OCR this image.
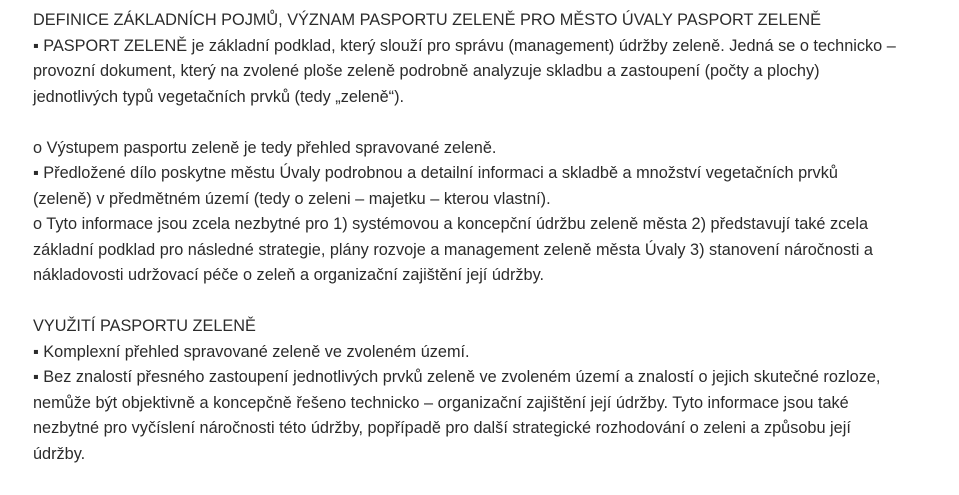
DEFINICE ZÁKLADNÍCH POJMŮ, VÝZNAM PASPORTU ZELENĚ PRO MĚSTO ÚVALY PASPORT ZELENĚ

▪ PASPORT ZELENĚ je základní podklad, který slouží pro správu (management) údržby zeleně. Jedná se o technicko –

provozní dokument, který na zvolené ploše zeleně podrobně analyzuje skladbu a zastoupení (počty a plochy)

jednotlivých typů vegetačních prvků (tedy „zeleně“).

o Výstupem pasportu zeleně je tedy přehled spravované zeleně.

▪ Předložené dílo poskytne městu Úvaly podrobnou a detailní informaci a skladbě a množství vegetačních prvků

(zeleně) v předmětném území (tedy o zeleni – majetku – kterou vlastní).

o Tyto informace jsou zcela nezbytné pro 1) systémovou a koncepční údržbu zeleně města 2) představují také zcela

základní podklad pro následné strategie, plány rozvoje a management zeleně města Úvaly 3) stanovení náročnosti a

nákladovosti udržovací péče o zeleň a organizační zajištění její údržby.

VYUŽITÍ PASPORTU ZELENĚ

▪ Komplexní přehled spravované zeleně ve zvoleném území.

▪ Bez znalostí přesného zastoupení jednotlivých prvků zeleně ve zvoleném území a znalostí o jejich skutečné rozloze,

nemůže být objektivně a koncepčně řešeno technicko – organizační zajištění její údržby. Tyto informace jsou také

nezbytné pro vyčíslení náročnosti této údržby, popřípadě pro další strategické rozhodování o zeleni a způsobu její

údržby.
